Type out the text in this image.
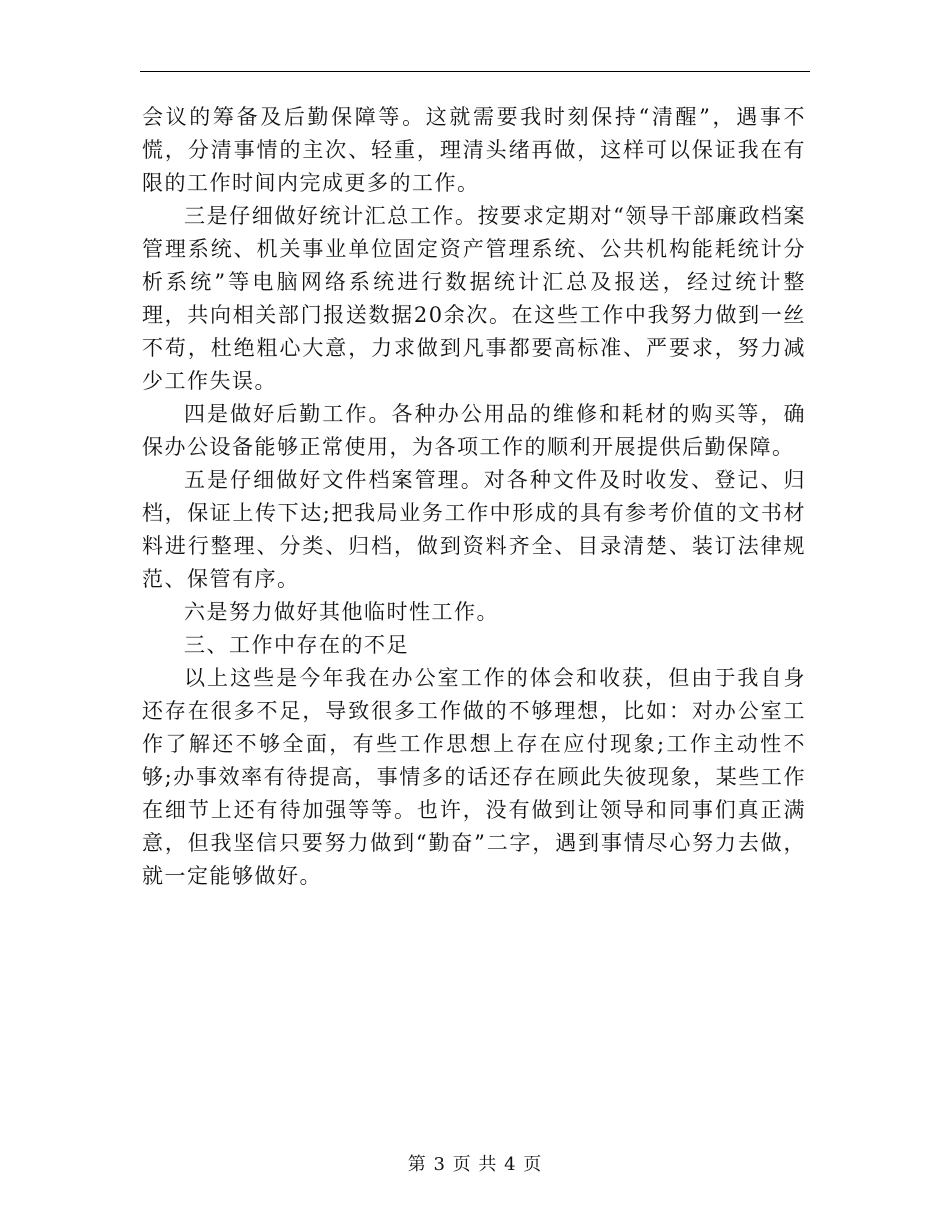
会议的筹备及后勤保障等。这就需要我时刻保持“清醒”，遇事不慌，分清事情的主次、轻重，理清头绪再做，这样可以保证我在有限的工作时间内完成更多的工作。

三是仔细做好统计汇总工作。按要求定期对“领导干部廉政档案管理系统、机关事业单位固定资产管理系统、公共机构能耗统计分析系统”等电脑网络系统进行数据统计汇总及报送，经过统计整理，共向相关部门报送数据20余次。在这些工作中我努力做到一丝不苟，杜绝粗心大意，力求做到凡事都要高标准、严要求，努力减少工作失误。

四是做好后勤工作。各种办公用品的维修和耗材的购买等，确保办公设备能够正常使用，为各项工作的顺利开展提供后勤保障。

五是仔细做好文件档案管理。对各种文件及时收发、登记、归档，保证上传下达;把我局业务工作中形成的具有参考价值的文书材料进行整理、分类、归档，做到资料齐全、目录清楚、装订法律规范、保管有序。

六是努力做好其他临时性工作。

三、工作中存在的不足

以上这些是今年我在办公室工作的体会和收获，但由于我自身还存在很多不足，导致很多工作做的不够理想，比如：对办公室工作了解还不够全面，有些工作思想上存在应付现象;工作主动性不够;办事效率有待提高，事情多的话还存在顾此失彼现象，某些工作在细节上还有待加强等等。也许，没有做到让领导和同事们真正满意，但我坚信只要努力做到“勤奋”二字，遇到事情尽心努力去做，就一定能够做好。

第 3 页 共 4 页
